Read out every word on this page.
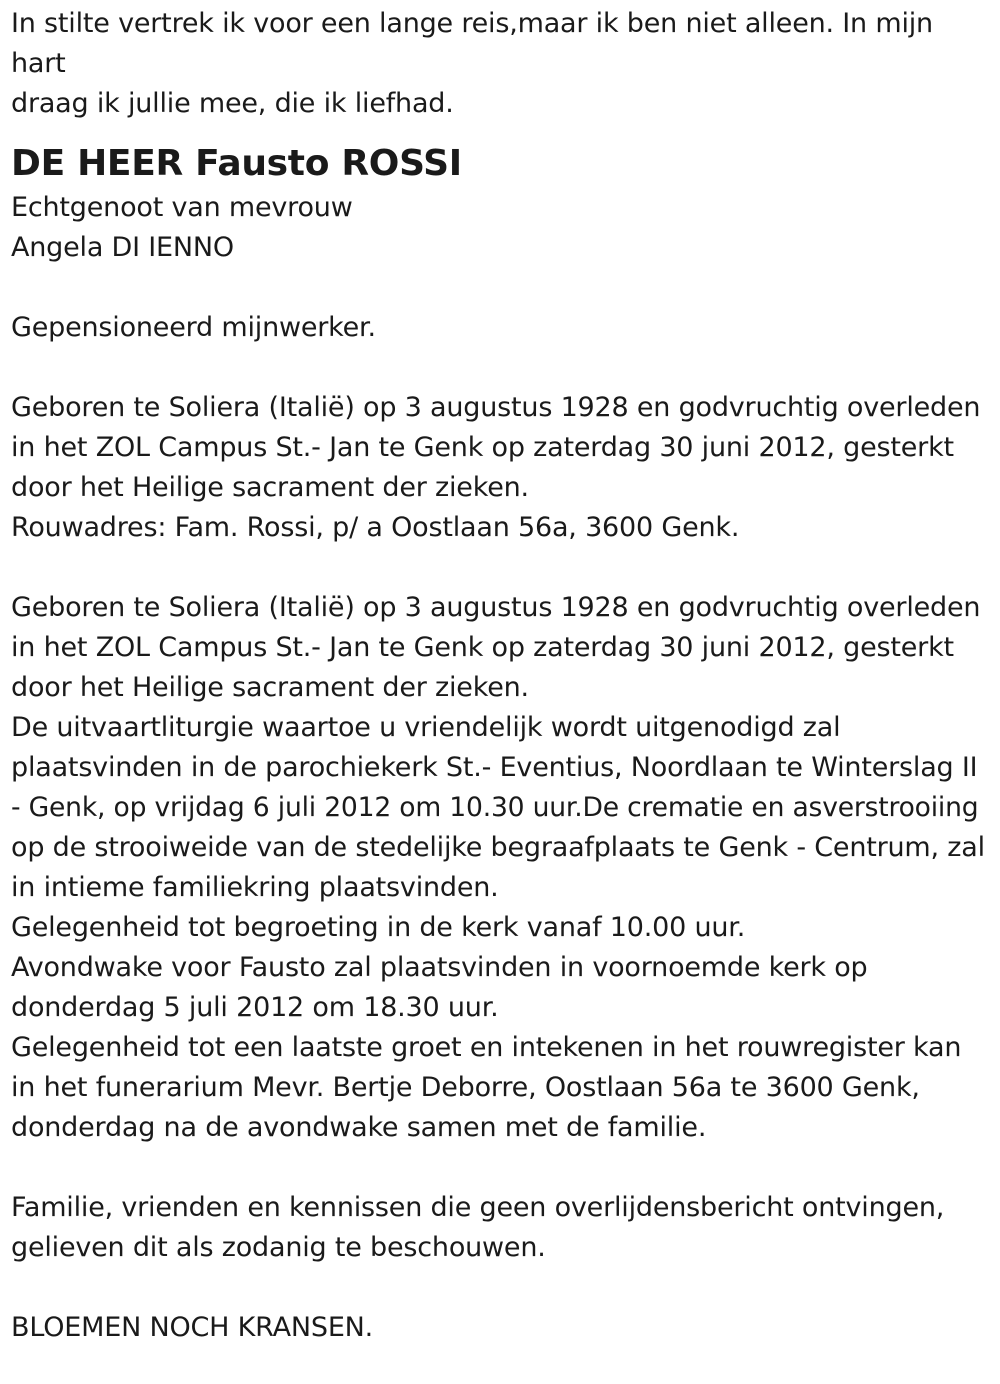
In stilte vertrek ik voor een lange reis,maar ik ben niet alleen. In mijn
hart
draag ik jullie mee, die ik liefhad.
DE HEER Fausto ROSSI
Echtgenoot van mevrouw
Angela DI IENNO
Gepensioneerd mijnwerker.
Geboren te Soliera (Italië) op 3 augustus 1928 en godvruchtig overleden
in het ZOL Campus St.- Jan te Genk op zaterdag 30 juni 2012, gesterkt
door het Heilige sacrament der zieken.
Rouwadres: Fam. Rossi, p/ a Oostlaan 56a, 3600 Genk.
Geboren te Soliera (Italië) op 3 augustus 1928 en godvruchtig overleden
in het ZOL Campus St.- Jan te Genk op zaterdag 30 juni 2012, gesterkt
door het Heilige sacrament der zieken.
De uitvaartliturgie waartoe u vriendelijk wordt uitgenodigd zal
plaatsvinden in de parochiekerk St.- Eventius, Noordlaan te Winterslag II
- Genk, op vrijdag 6 juli 2012 om 10.30 uur.De crematie en asverstrooiing
op de strooiweide van de stedelijke begraafplaats te Genk - Centrum, zal
in intieme familiekring plaatsvinden.
Gelegenheid tot begroeting in de kerk vanaf 10.00 uur.
Avondwake voor Fausto zal plaatsvinden in voornoemde kerk op
donderdag 5 juli 2012 om 18.30 uur.
Gelegenheid tot een laatste groet en intekenen in het rouwregister kan
in het funerarium Mevr. Bertje Deborre, Oostlaan 56a te 3600 Genk,
donderdag na de avondwake samen met de familie.
Familie, vrienden en kennissen die geen overlijdensbericht ontvingen,
gelieven dit als zodanig te beschouwen.
BLOEMEN NOCH KRANSEN.
